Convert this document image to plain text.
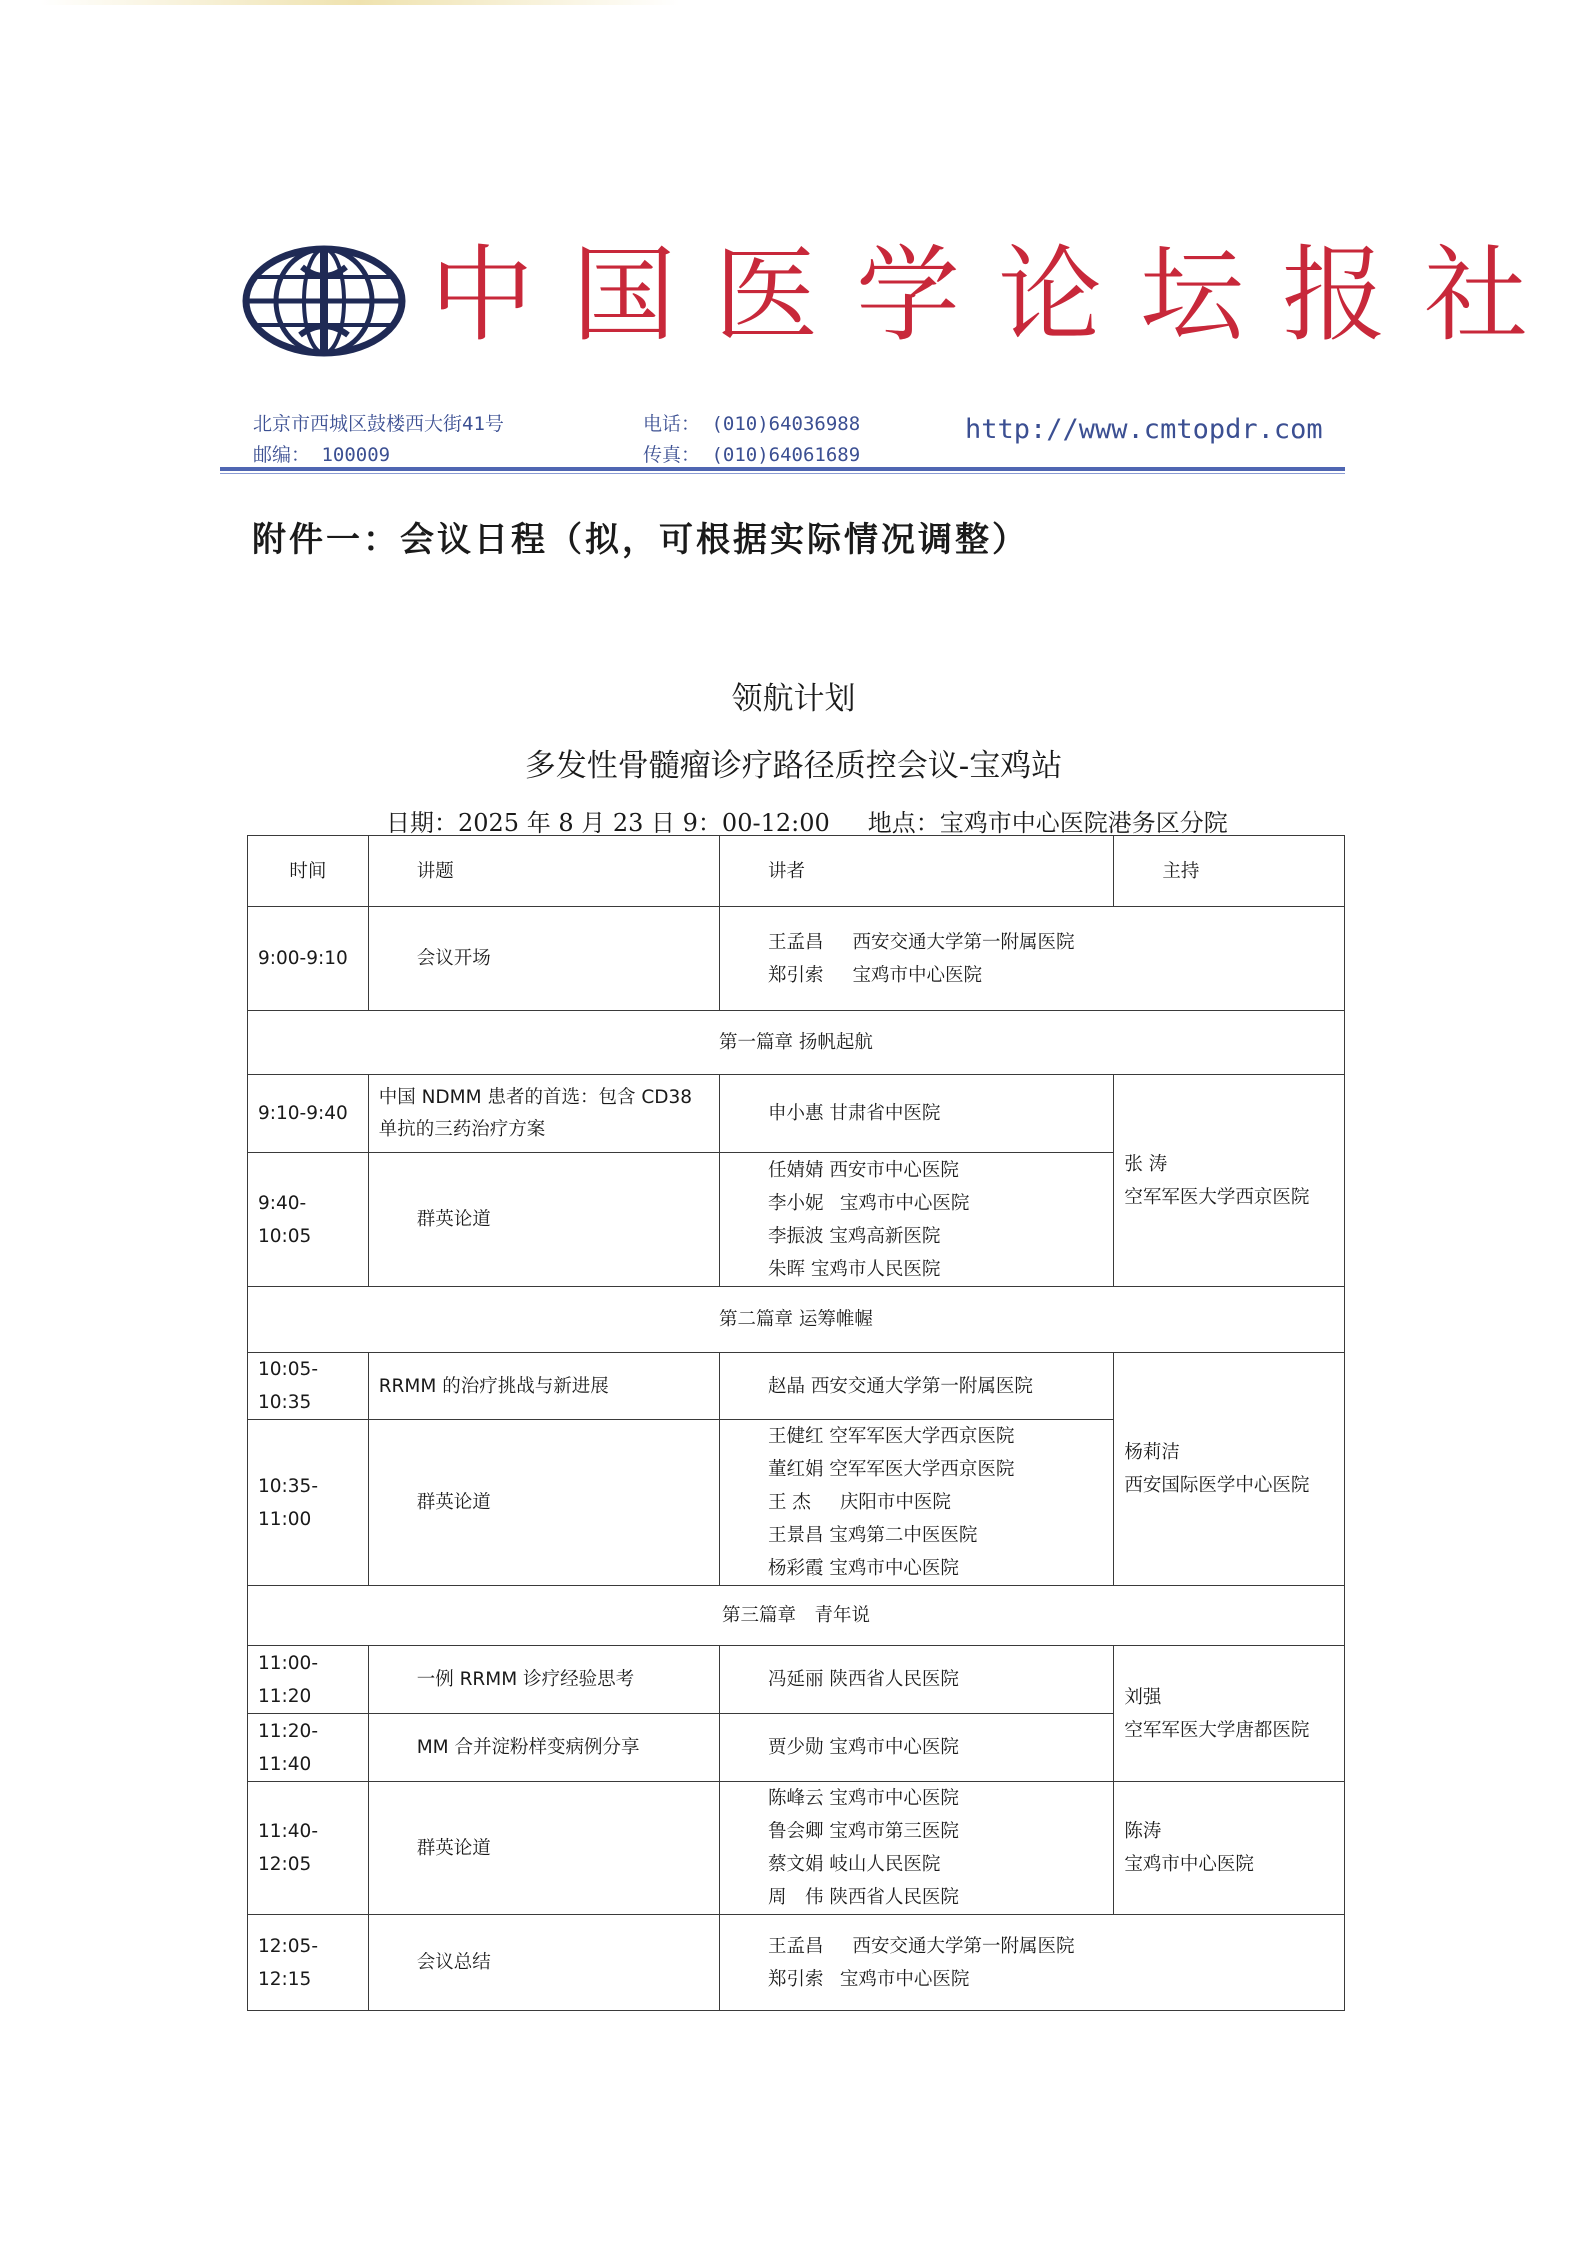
中国医学论坛报社
北京市西城区鼓楼西大街41号
邮编： 100009
电话： (010)64036988
传真： (010)64061689
http://www.cmtopdr.com
附件一：会议日程（拟，可根据实际情况调整）
领航计划
多发性骨髓瘤诊疗路径质控会议-宝鸡站
日期：2025 年 8 月 23 日 9：00-12:00 地点：宝鸡市中心医院港务区分院
时间	讲题	讲者	主持
9:00-9:10	会议开场	王孟昌　 西安交通大学第一附属医院
郑引索　 宝鸡市中心医院	

第一篇章 扬帆起航			
9:10-9:40	中国 NDMM 患者的首选：包含 CD38 单抗的三药治疗方案	申小惠 甘肃省中医院	张 涛
空军军医大学西京医院

9:40-10:05	群英论道	任婧婧 西安市中心医院
李小妮 宝鸡市中心医院
李振波 宝鸡高新医院
朱晖 宝鸡市人民医院	

第二篇章 运筹帷幄			
10:05-10:35	RRMM 的治疗挑战与新进展	赵晶 西安交通大学第一附属医院	杨莉洁
西安国际医学中心医院

10:35-11:00	群英论道	王健红 空军军医大学西京医院
董红娟 空军军医大学西京医院
王 杰 庆阳市中医院
王景昌 宝鸡第二中医医院
杨彩霞 宝鸡市中心医院	

第三篇章　青年说			
11:00-11:20	一例 RRMM 诊疗经验思考	冯延丽 陕西省人民医院	刘强
空军军医大学唐都医院

11:20-11:40	MM 合并淀粉样变病例分享	贾少勋 宝鸡市中心医院	

11:40-12:05	群英论道	陈峰云 宝鸡市中心医院
鲁会卿 宝鸡市第三医院
蔡文娟 岐山人民医院
周　伟 陕西省人民医院	陈涛
宝鸡市中心医院

12:05-12:15	会议总结	王孟昌　 西安交通大学第一附属医院
郑引索 宝鸡市中心医院	
